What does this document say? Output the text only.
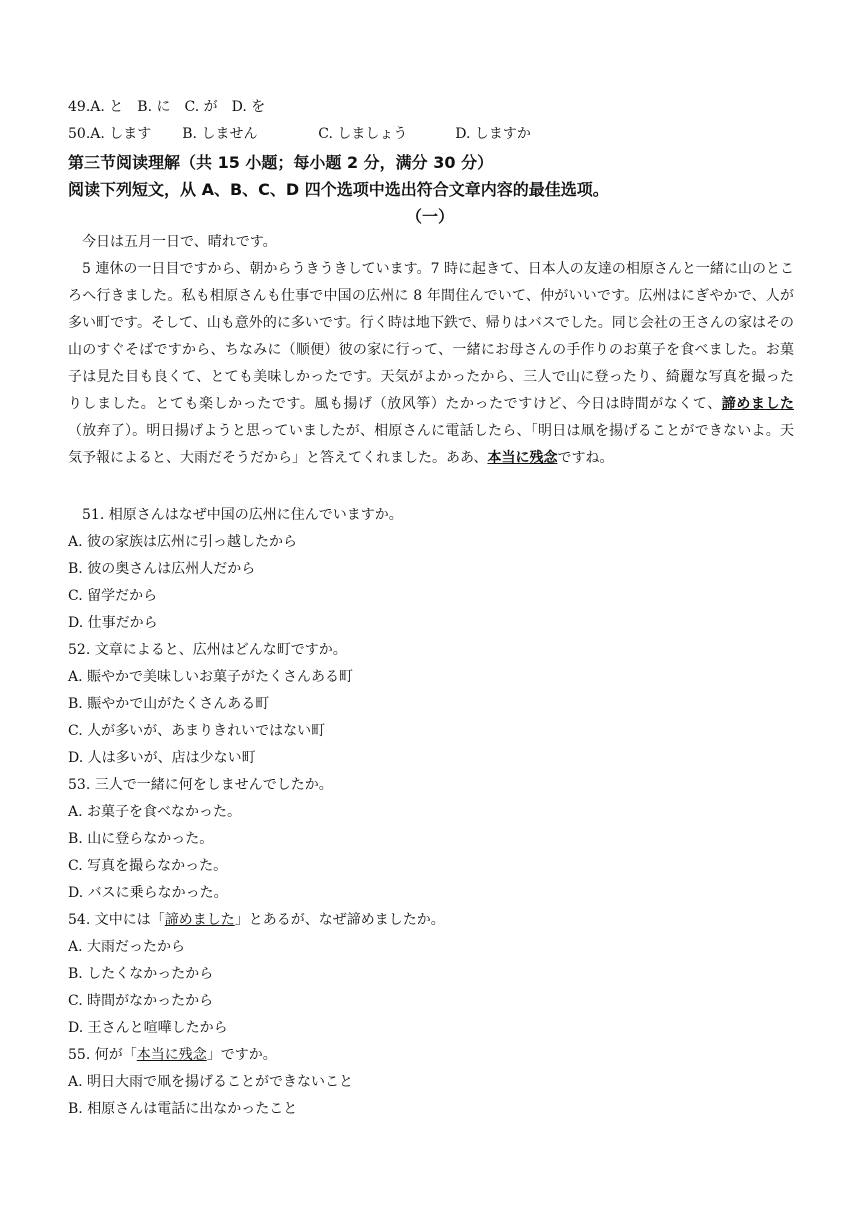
49.A. と B. に C. が D. を
50.A. します B. しません	C. しましょう	D. しますか
第三节阅读理解（共 15 小题；每小题 2 分，满分 30 分）
阅读下列短文，从 A、B、C、D 四个选项中选出符合文章内容的最佳选项。
（一）
今日は五月一日で、晴れです。
5 連休の一日目ですから、朝からうきうきしています。7 時に起きて、日本人の友達の相原さんと一緒に山のところへ行きました。私も相原さんも仕事で中国の広州に 8 年間住んでいて、仲がいいです。広州はにぎやかで、人が多い町です。そして、山も意外的に多いです。行く時は地下鉄で、帰りはバスでした。同じ会社の王さんの家はその山のすぐそばですから、ちなみに（顺便）彼の家に行って、一緒にお母さんの手作りのお菓子を食べました。お菓子は見た目も良くて、とても美味しかったです。天気がよかったから、三人で山に登ったり、綺麗な写真を撮ったりしました。とても楽しかったです。風も揚げ（放风筝）たかったですけど、今日は時間がなくて、諦めました（放弃了）。明日揚げようと思っていましたが、相原さんに電話したら、「明日は凧を揚げることができないよ。天気予報によると、大雨だそうだから」と答えてくれました。ああ、本当に残念ですね。
51. 相原さんはなぜ中国の広州に住んでいますか。
A. 彼の家族は広州に引っ越したから
B. 彼の奥さんは広州人だから
C. 留学だから
D. 仕事だから
52. 文章によると、広州はどんな町ですか。
A. 賑やかで美味しいお菓子がたくさんある町
B. 賑やかで山がたくさんある町
C. 人が多いが、あまりきれいではない町
D. 人は多いが、店は少ない町
53. 三人で一緒に何をしませんでしたか。
A. お菓子を食べなかった。
B. 山に登らなかった。
C. 写真を撮らなかった。
D. バスに乗らなかった。
54. 文中には「諦めました」とあるが、なぜ諦めましたか。
A. 大雨だったから
B. したくなかったから
C. 時間がなかったから
D. 王さんと喧嘩したから
55. 何が「本当に残念」ですか。
A. 明日大雨で凧を揚げることができないこと
B. 相原さんは電話に出なかったこと
